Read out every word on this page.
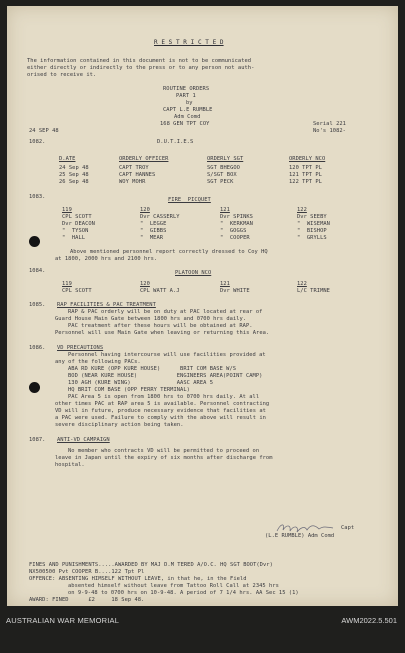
R E S T R I C T E D
The information contained in this document is not to be communicated
either directly or indirectly to the press or to any person not auth-
orised to receive it.
ROUTINE ORDERS
PART 1
by
CAPT L.E RUMBLE
Adm Comd
168 GEN TPT COY	Serial 221
No's 1082-
24 SEP 48
1082.	D.U.T.I.E.S
D.ATE	ORDERLY OFFICER	ORDERLY SGT	ORDERLY NCO
24 Sep 48	CAPT TROY	SGT BHEGOO	120 TPT PL
25 Sep 48	CAPT HANNES	S/SGT BOX	121 TPT PL
26 Sep 48	WOY MOHR	SGT PECK	122 TPT PL
1083.	FIRE  PICQUET
119	120	121	122
CPL SCOTT	Dvr CASSERLY	Dvr SPINKS	Dvr SEEBY
Dvr DEACON	"  LEGGE	"  KERKMAN	"  WISEMAN
"  TYSON	"  GIBBS	"  GOGGS	"  BISHOP
"  HALL	"  MEAR	"  COOPER	"  GRYLLS
Above mentioned personnel report correctly dressed to Coy HQ
at 1800, 2000 hrs and 2100 hrs.
1084.	PLATOON NCO
119	120	121	122
CPL SCOTT	CPL WATT A.J	Dvr WHITE	L/C TRIMNE
1085. RAP FACILITIES & PAC TREATMENT
RAP & PAC orderly will be on duty at PAC located at rear of
Guard House Main Gate between 1800 hrs and 0700 hrs daily.
PAC treatment after these hours will be obtained at RAP.
Personnel will use Main Gate when leaving or returning this Area.
1086. VD PRECAUTIONS
Personnel having intercourse will use facilities provided at
any of the following PACs.
ABA RD KURE (OPP KURE HOUSE)      BRIT COM BASE W/S
BOD (NEAR KURE HOUSE)            ENGINEERS AREA(POINT CAMP)
130 AGH (KURE WING)              AASC AREA 5
HQ BRIT COM BASE (OPP FERRY TERMINAL)
PAC Area 5 is open from 1800 hrs to 0700 hrs daily. At all
other times PAC at RAP area 5 is available. Personnel contracting
VD will in future, produce necessary evidence that facilities at
a PAC were used. Failure to comply with the above will result in
severe disciplinary action being taken.
1087. ANTI-VD CAMPAIGN
No member who contracts VD will be permitted to proceed on
leave in Japan until the expiry of six months after discharge from
hospital.
Capt
(L.E RUMBLE) Adm Comd
FINES AND PUNISHMENTS.....AWARDED BY MAJ D.M TERED A/O.C. HQ SGT BOOT(Dvr)
NX500500 Pvt COOPER B....122 Tpt Pl
OFFENCE: ABSENTING HIMSELF WITHOUT LEAVE, in that he, in the Field
absented himself without leave from Tattoo Roll Call at 2345 hrs
on 9-9-48 to 0700 hrs on 10-9-48. A period of 7 1/4 hrs. AA Sec 15 (1)
AWARD: FINED      £2     18 Sep 48.
AUSTRALIAN WAR MEMORIAL	AWM2022.5.501
